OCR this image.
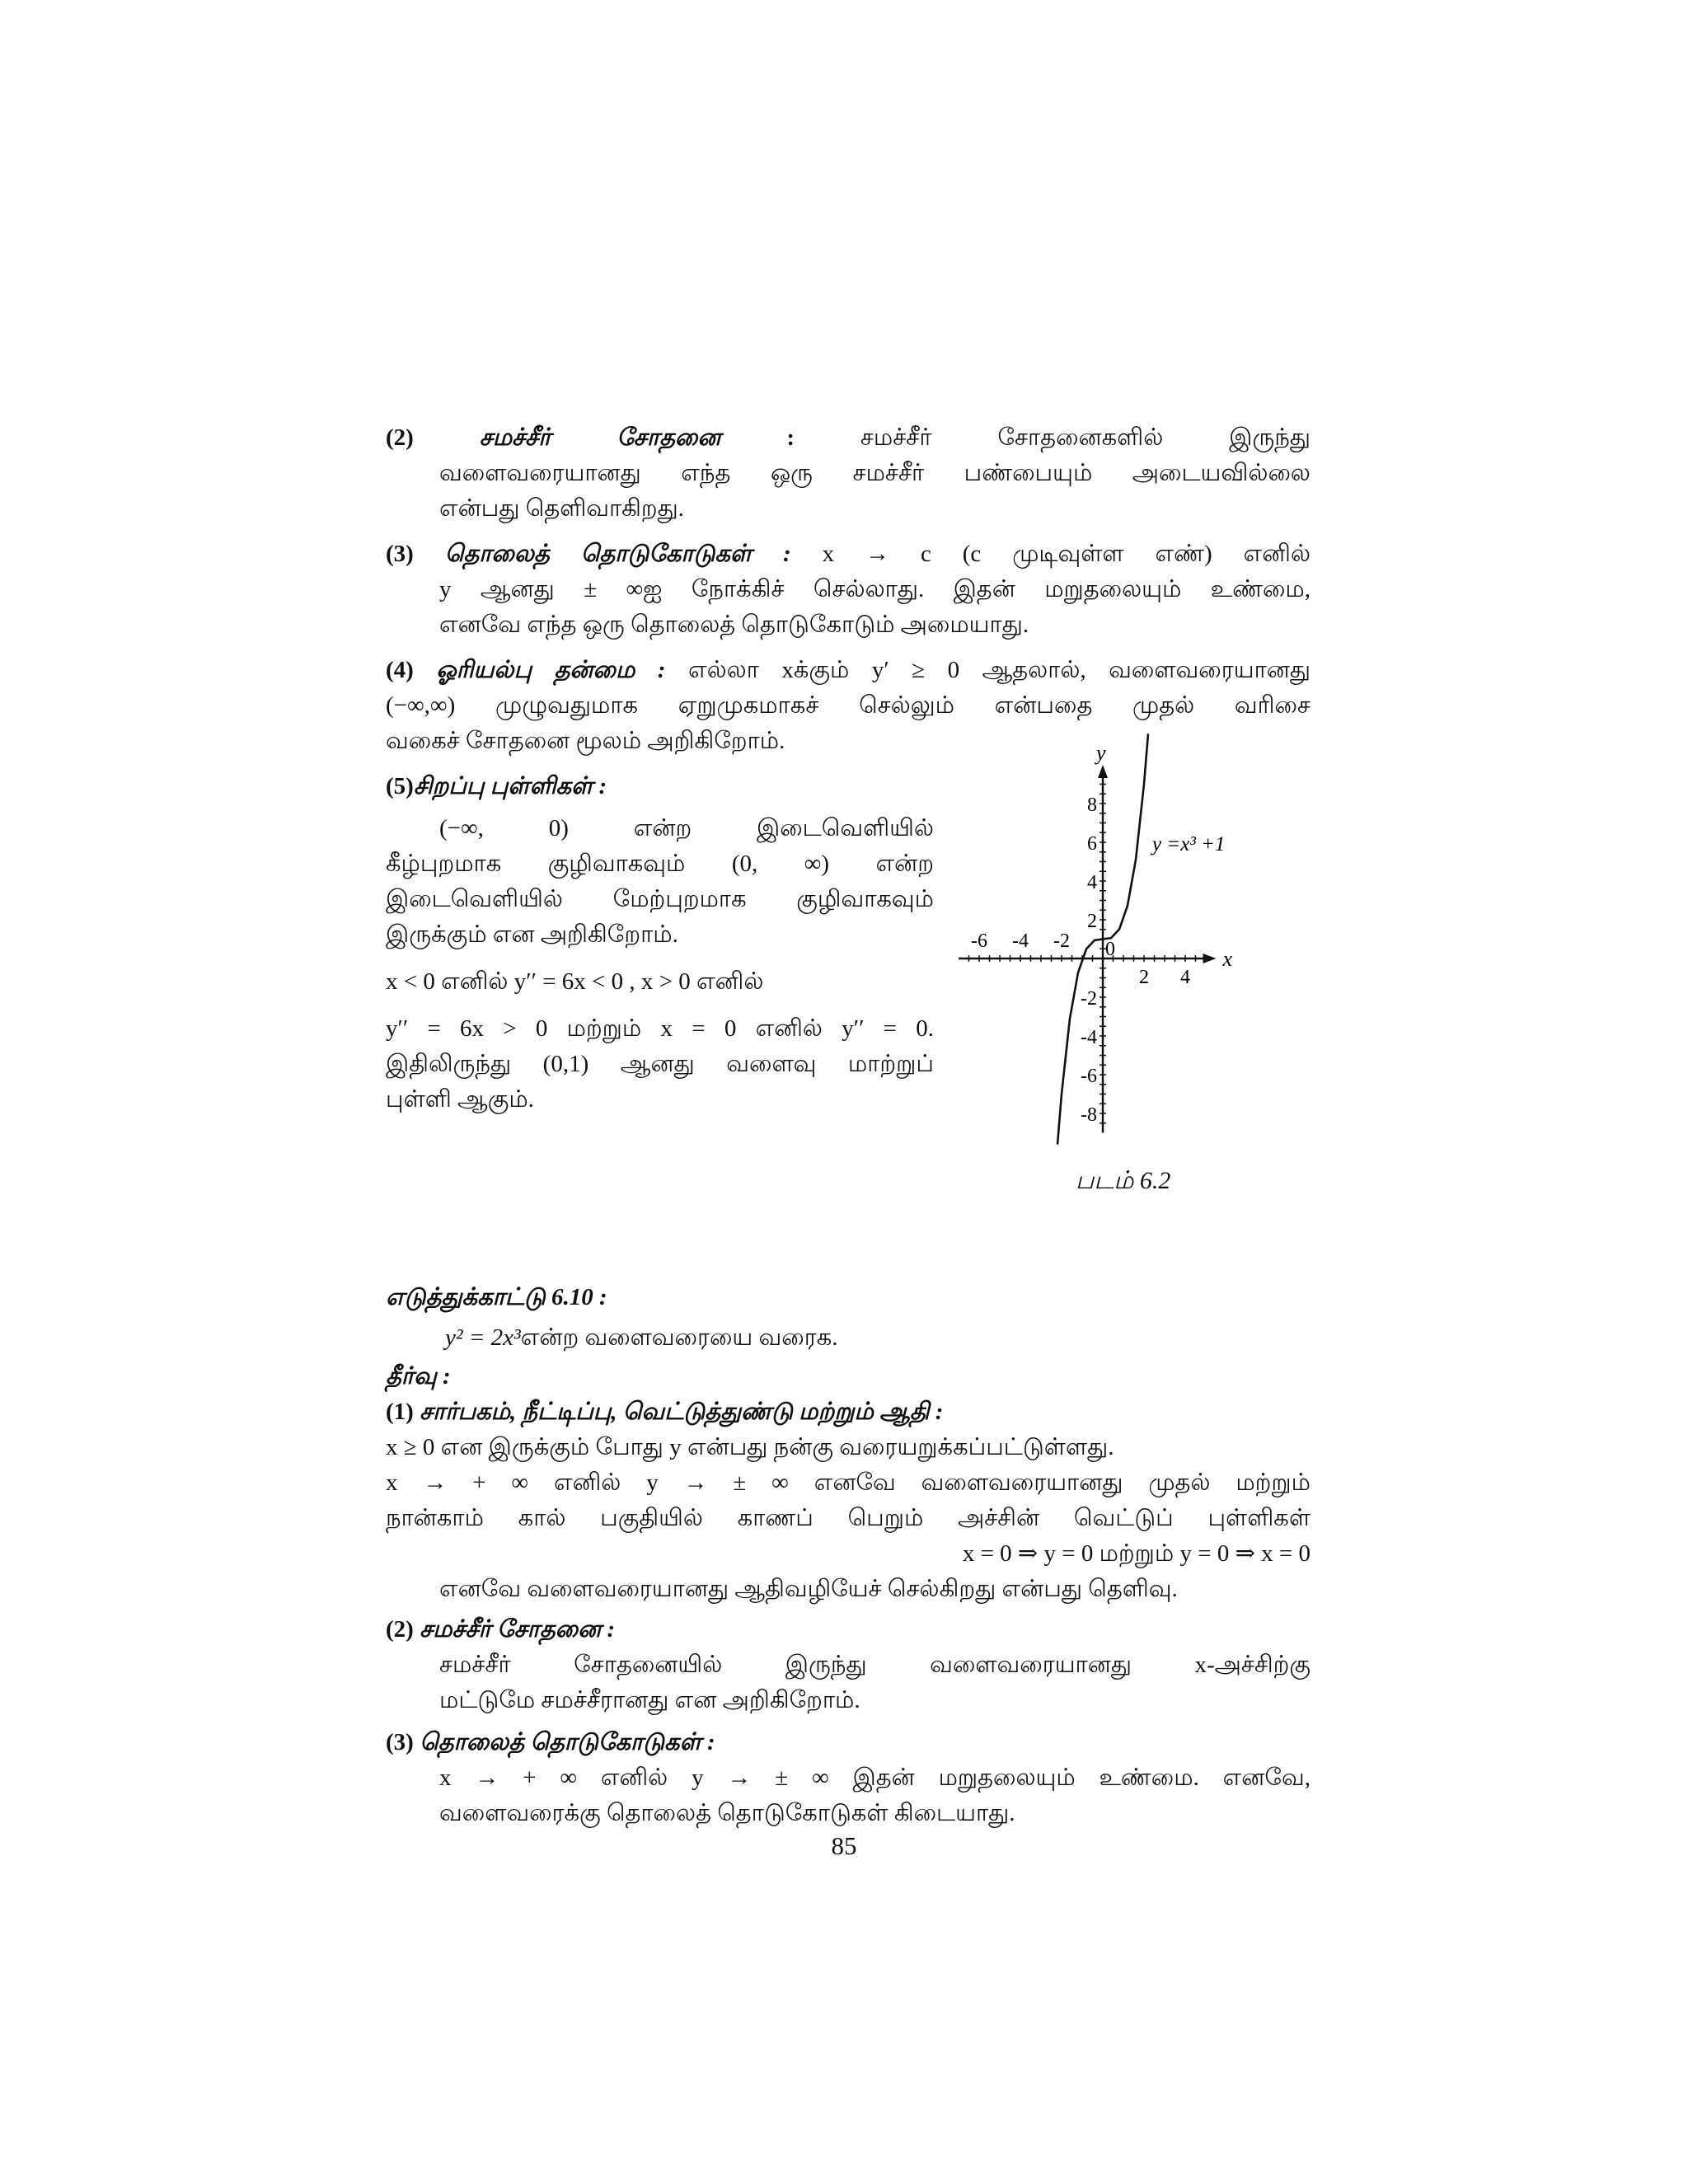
(2)	சமச்சீர் சோதனை	:	சமச்சீர் சோதனைகளில் இருந்து
வளைவரையானது எந்த ஒரு சமச்சீர் பண்பையும் அடையவில்லை
என்பது தெளிவாகிறது.
(3) தொலைத் தொடுகோடுகள் : x → c (c முடிவுள்ள எண்) எனில்
y ஆனது ± ∞ஐ நோக்கிச் செல்லாது. இதன் மறுதலையும் உண்மை,
எனவே எந்த ஒரு தொலைத் தொடுகோடும் அமையாது.
(4) ஓரியல்பு தன்மை : எல்லா xக்கும் y′ ≥ 0 ஆதலால், வளைவரையானது
(−∞,∞) முழுவதுமாக ஏறுமுகமாகச் செல்லும் என்பதை முதல் வரிசை
வகைச் சோதனை மூலம் அறிகிறோம்.
(5)சிறப்பு புள்ளிகள் :
(−∞, 0) என்ற இடைவெளியில்
கீழ்புறமாக குழிவாகவும் (0, ∞) என்ற
இடைவெளியில் மேற்புறமாக குழிவாகவும்
இருக்கும் என அறிகிறோம்.
x < 0 எனில் y′′ = 6x < 0 , x > 0 எனில்
y′′ = 6x > 0 மற்றும் x = 0 எனில் y′′ = 0.
இதிலிருந்து (0,1) ஆனது வளைவு மாற்றுப்
புள்ளி ஆகும்.
-6 -4 -2
2 4
8
6
4
2
-2
-4
-6
-8
x
y
0
y =x³ +1
எடுத்துக்காட்டு 6.10 :
y² = 2x³என்ற வளைவரையை வரைக.
தீர்வு :
(1) சார்பகம், நீட்டிப்பு, வெட்டுத்துண்டு மற்றும் ஆதி :
x ≥ 0 என இருக்கும் போது y என்பது நன்கு வரையறுக்கப்பட்டுள்ளது.
x → + ∞ எனில் y → ± ∞ எனவே வளைவரையானது முதல் மற்றும்
நான்காம் கால் பகுதியில் காணப் பெறும் அச்சின் வெட்டுப் புள்ளிகள்
x = 0 ⇒ y = 0 மற்றும் y = 0 ⇒ x = 0
எனவே வளைவரையானது ஆதிவழியேச் செல்கிறது என்பது தெளிவு.
(2) சமச்சீர் சோதனை :
சமச்சீர் சோதனையில் இருந்து வளைவரையானது x-அச்சிற்கு
மட்டுமே சமச்சீரானது என அறிகிறோம்.
(3) தொலைத் தொடுகோடுகள் :
x → + ∞ எனில் y → ± ∞ இதன் மறுதலையும் உண்மை. எனவே,
வளைவரைக்கு தொலைத் தொடுகோடுகள் கிடையாது.
படம் 6.2
85
